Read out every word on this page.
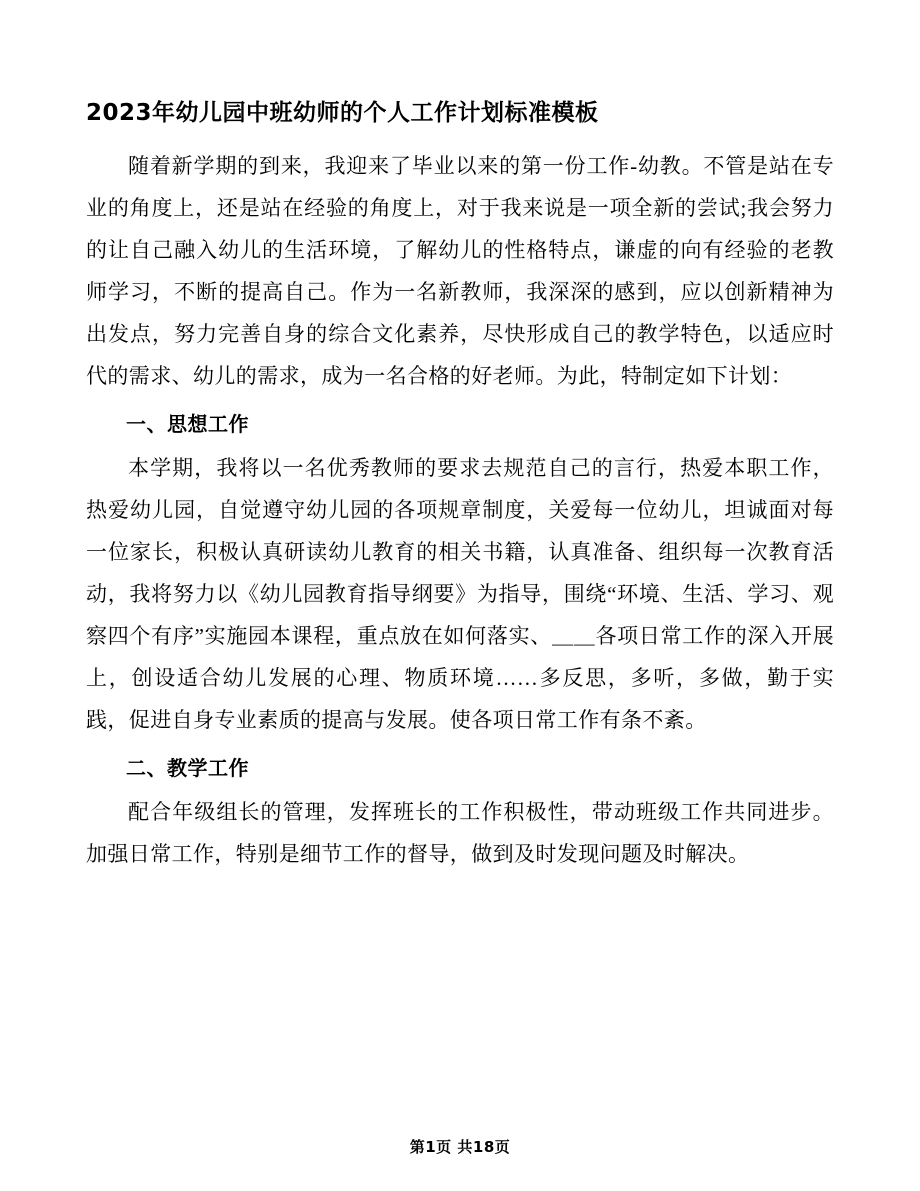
2023年幼儿园中班幼师的个人工作计划标准模板

随着新学期的到来，我迎来了毕业以来的第一份工作-幼教。不管是站在专业的角度上，还是站在经验的角度上，对于我来说是一项全新的尝试;我会努力的让自己融入幼儿的生活环境，了解幼儿的性格特点，谦虚的向有经验的老教师学习，不断的提高自己。作为一名新教师，我深深的感到，应以创新精神为出发点，努力完善自身的综合文化素养，尽快形成自己的教学特色，以适应时代的需求、幼儿的需求，成为一名合格的好老师。为此，特制定如下计划：

一、思想工作

本学期，我将以一名优秀教师的要求去规范自己的言行，热爱本职工作，热爱幼儿园，自觉遵守幼儿园的各项规章制度，关爱每一位幼儿，坦诚面对每一位家长，积极认真研读幼儿教育的相关书籍，认真准备、组织每一次教育活动，我将努力以《幼儿园教育指导纲要》为指导，围绕“环境、生活、学习、观察四个有序”实施园本课程，重点放在如何落实、＿＿各项日常工作的深入开展上，创设适合幼儿发展的心理、物质环境……多反思，多听，多做，勤于实践，促进自身专业素质的提高与发展。使各项日常工作有条不紊。

二、教学工作

配合年级组长的管理，发挥班长的工作积极性，带动班级工作共同进步。加强日常工作，特别是细节工作的督导，做到及时发现问题及时解决。

第1页 共18页
